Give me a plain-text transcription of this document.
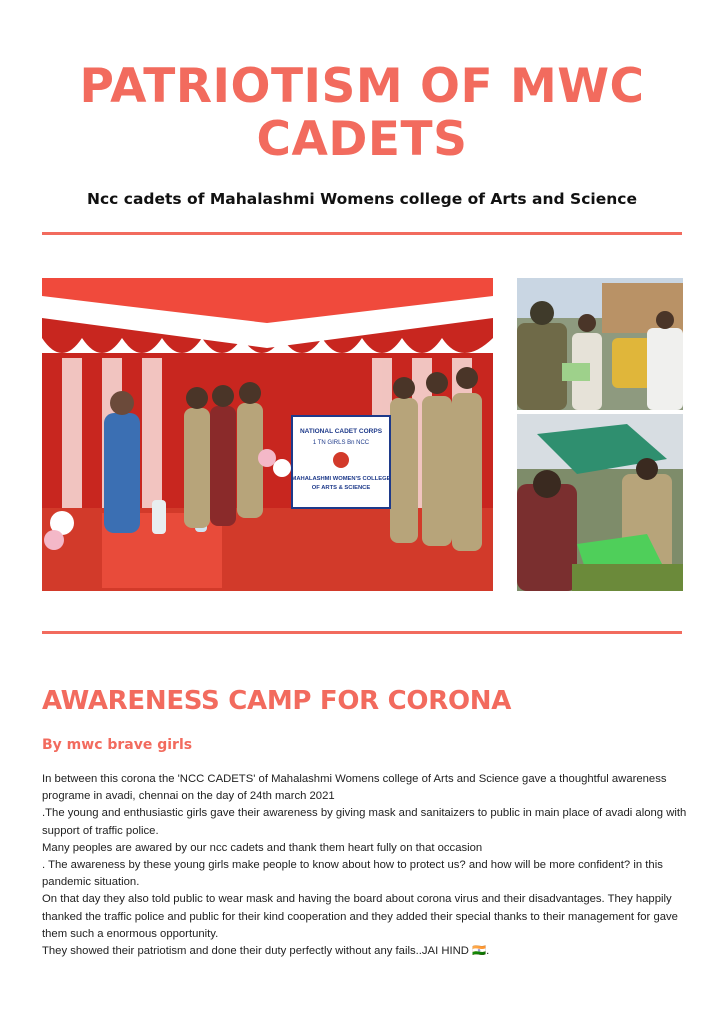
PATRIOTISM OF MWC
CADETS
Ncc cadets of Mahalashmi Womens college of Arts and Science
NATIONAL CADET CORPS
1 TN GIRLS Bn NCC
MAHALASHMI WOMEN'S COLLEGE
OF ARTS & SCIENCE
AWARENESS CAMP FOR CORONA
By mwc brave girls

In between this corona the 'NCC CADETS' of Mahalashmi Womens college of Arts and Science gave a thoughtful awareness programe in avadi, chennai on the day of 24th march 2021

.The young and enthusiastic girls gave their awareness by giving mask and sanitaizers to public in main place of avadi along with support of traffic police.

Many peoples are awared by our ncc cadets and thank them heart fully on that occasion

. The awareness by these young girls make people to know about how to protect us? and how will be more confident? in this pandemic situation.

On that day they also told public to wear mask and having the board about corona virus and their disadvantages. They happily thanked the traffic police and public for their kind cooperation and they added their special thanks to their management for gave them such a enormous opportunity.

They showed their patriotism and done their duty perfectly without any fails..JAI HIND 🇮🇳.
